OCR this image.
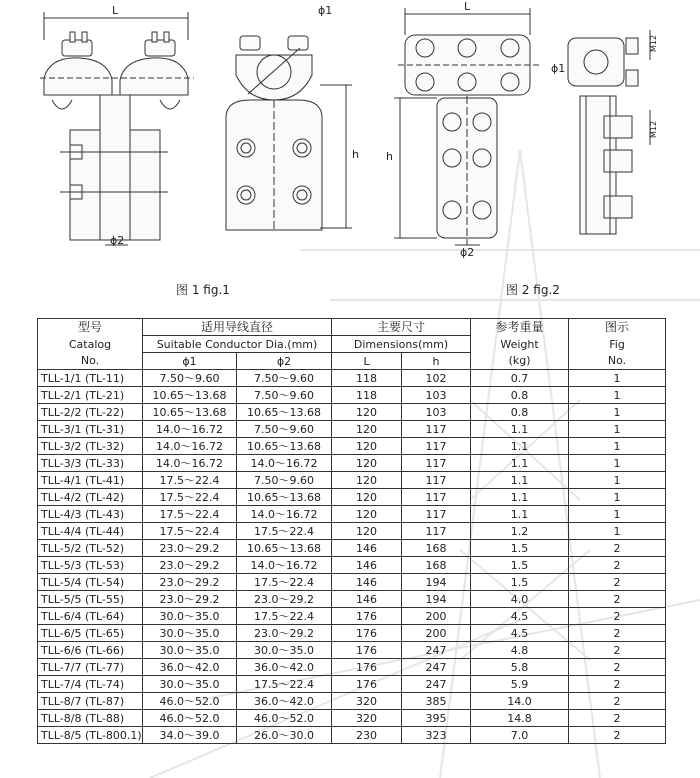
L	ϕ1
h
ϕ2
L
h
ϕ2
ϕ1
M12
M12
图 1 fig.1	图 2 fig.2
型号	适用导线直径		主要尺寸		参考重量	图示
Catalog	Suitable Conductor Dia.(mm)		Dimensions(mm)		Weight	Fig
No.	ϕ1	ϕ2	L	h	(kg)	No.
TLL-1/1 (TL-11)	7.50～9.60	7.50～9.60	118	102	0.7	1
TLL-2/1 (TL-21)	10.65～13.68	7.50～9.60	118	103	0.8	1
TLL-2/2 (TL-22)	10.65～13.68	10.65～13.68	120	103	0.8	1
TLL-3/1 (TL-31)	14.0～16.72	7.50～9.60	120	117	1.1	1
TLL-3/2 (TL-32)	14.0～16.72	10.65～13.68	120	117	1.1	1
TLL-3/3 (TL-33)	14.0～16.72	14.0～16.72	120	117	1.1	1
TLL-4/1 (TL-41)	17.5～22.4	7.50～9.60	120	117	1.1	1
TLL-4/2 (TL-42)	17.5～22.4	10.65～13.68	120	117	1.1	1
TLL-4/3 (TL-43)	17.5～22.4	14.0～16.72	120	117	1.1	1
TLL-4/4 (TL-44)	17.5～22.4	17.5～22.4	120	117	1.2	1
TLL-5/2 (TL-52)	23.0～29.2	10.65～13.68	146	168	1.5	2
TLL-5/3 (TL-53)	23.0～29.2	14.0～16.72	146	168	1.5	2
TLL-5/4 (TL-54)	23.0～29.2	17.5～22.4	146	194	1.5	2
TLL-5/5 (TL-55)	23.0～29.2	23.0～29.2	146	194	4.0	2
TLL-6/4 (TL-64)	30.0～35.0	17.5～22.4	176	200	4.5	2
TLL-6/5 (TL-65)	30.0～35.0	23.0～29.2	176	200	4.5	2
TLL-6/6 (TL-66)	30.0～35.0	30.0～35.0	176	247	4.8	2
TLL-7/7 (TL-77)	36.0～42.0	36.0～42.0	176	247	5.8	2
TLL-7/4 (TL-74)	30.0～35.0	17.5～22.4	176	247	5.9	2
TLL-8/7 (TL-87)	46.0～52.0	36.0～42.0	320	385	14.0	2
TLL-8/8 (TL-88)	46.0～52.0	46.0～52.0	320	395	14.8	2
TLL-8/5 (TL-800.1)	34.0～39.0	26.0～30.0	230	323	7.0	2
